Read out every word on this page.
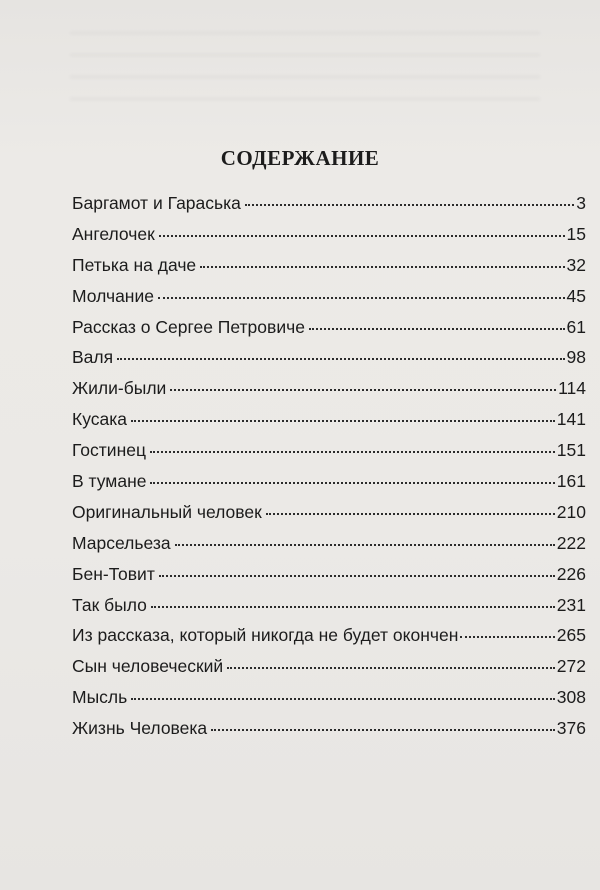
СОДЕРЖАНИЕ
Баргамот и Гараська	3
Ангелочек	15
Петька на даче	32
Молчание	45
Рассказ о Сергее Петровиче	61
Валя	98
Жили-были	114
Кусака	141
Гостинец	151
В тумане	161
Оригинальный человек	210
Марсельеза	222
Бен-Товит	226
Так было	231
Из рассказа, который никогда не будет окончен	265
Сын человеческий	272
Мысль	308
Жизнь Человека	376
